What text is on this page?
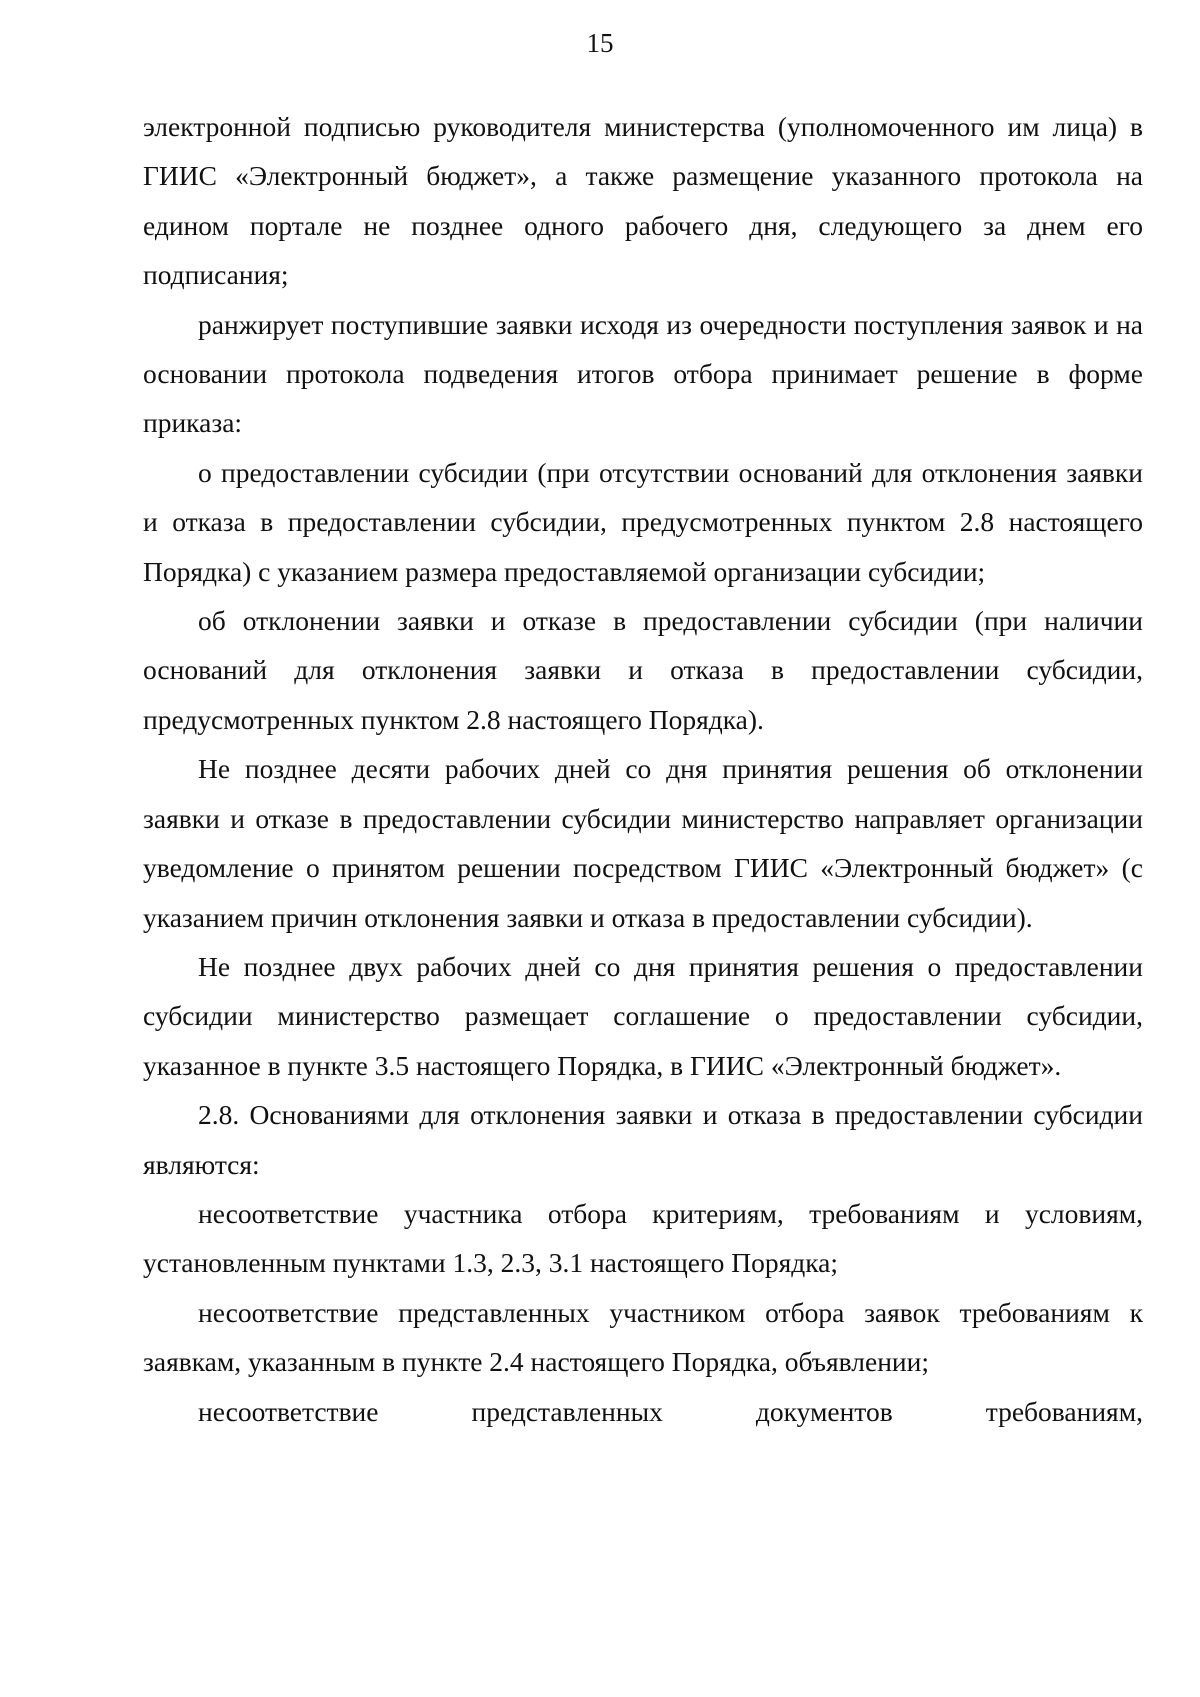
15

электронной подписью руководителя министерства (уполномоченного им лица) в ГИИС «Электронный бюджет», а также размещение указанного протокола на едином портале не позднее одного рабочего дня, следующего за днем его подписания;

ранжирует поступившие заявки исходя из очередности поступления заявок и на основании протокола подведения итогов отбора принимает решение в форме приказа:

о предоставлении субсидии (при отсутствии оснований для отклонения заявки и отказа в предоставлении субсидии, предусмотренных пунктом 2.8 настоящего Порядка) с указанием размера предоставляемой организации субсидии;

об отклонении заявки и отказе в предоставлении субсидии (при наличии оснований для отклонения заявки и отказа в предоставлении субсидии, предусмотренных пунктом 2.8 настоящего Порядка).

Не позднее десяти рабочих дней со дня принятия решения об отклонении заявки и отказе в предоставлении субсидии министерство направляет организации уведомление о принятом решении посредством ГИИС «Электронный бюджет» (с указанием причин отклонения заявки и отказа в предоставлении субсидии).

Не позднее двух рабочих дней со дня принятия решения о предоставлении субсидии министерство размещает соглашение о предоставлении субсидии, указанное в пункте 3.5 настоящего Порядка, в ГИИС «Электронный бюджет».

2.8. Основаниями для отклонения заявки и отказа в предоставлении субсидии являются:

несоответствие участника отбора критериям, требованиям и условиям, установленным пунктами 1.3, 2.3, 3.1 настоящего Порядка;

несоответствие представленных участником отбора заявок требованиям к заявкам, указанным в пункте 2.4 настоящего Порядка, объявлении;

несоответствие представленных документов требованиям,
